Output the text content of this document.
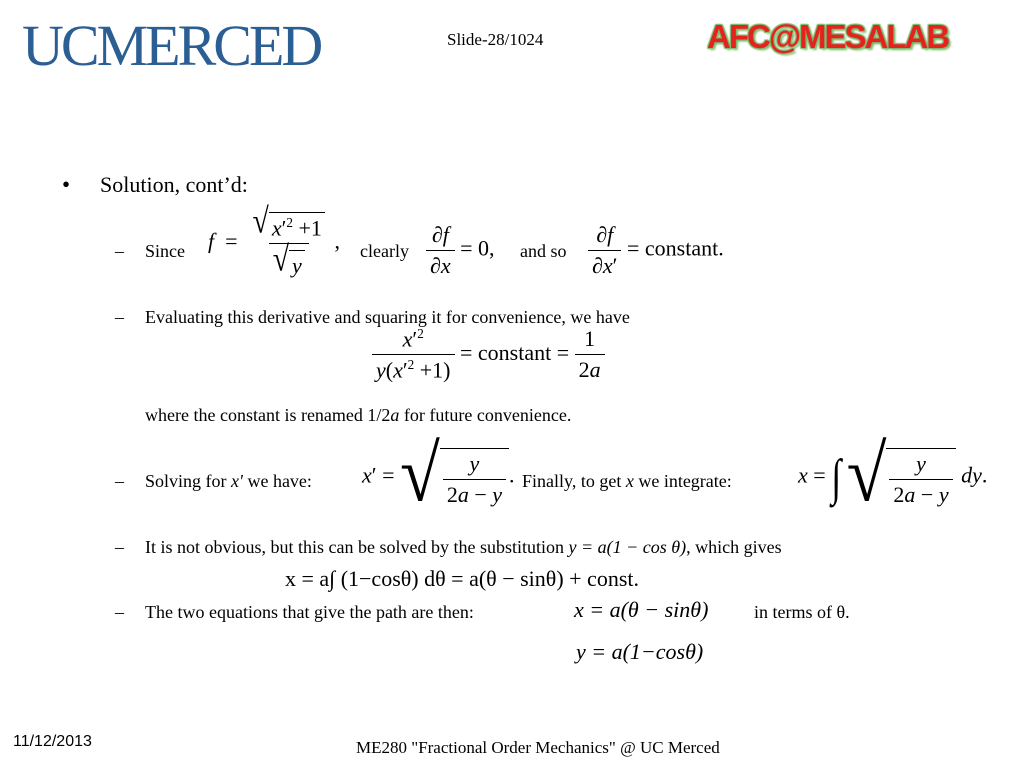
UCMERCED	Slide-28/1024	AFC@MESALAB
• Solution, cont’d:
– Since $f = \frac{√ x'^2 +1}{√ y}$ , clearly $\frac{\partial f}{\partial x} = 0$, and so $\frac{\partial f}{\partial x'}$ = constant.
– Evaluating this derivative and squaring it for convenience, we have
$\frac{x'^2}{y(x'^2 +1)}$ = constant = $\frac{1}{2a}$
where the constant is renamed 1/2a for future convenience.
– Solving for x′ we have: x′ = √ $\frac{y}{2a - y}$ . Finally, to get x we integrate:	x = ∫ √ $\frac{y}{2a - y}$ dy.
– It is not obvious, but this can be solved by the substitution y = a(1 − cos θ), which gives
x = a∫ (1−cosθ) dθ = a(θ − sinθ) + const.
– The two equations that give the path are then:	x = a(θ − sinθ)
y = a(1−cosθ)
in terms of θ.
11/12/2013	ME280 "Fractional Order Mechanics" @ UC Merced
